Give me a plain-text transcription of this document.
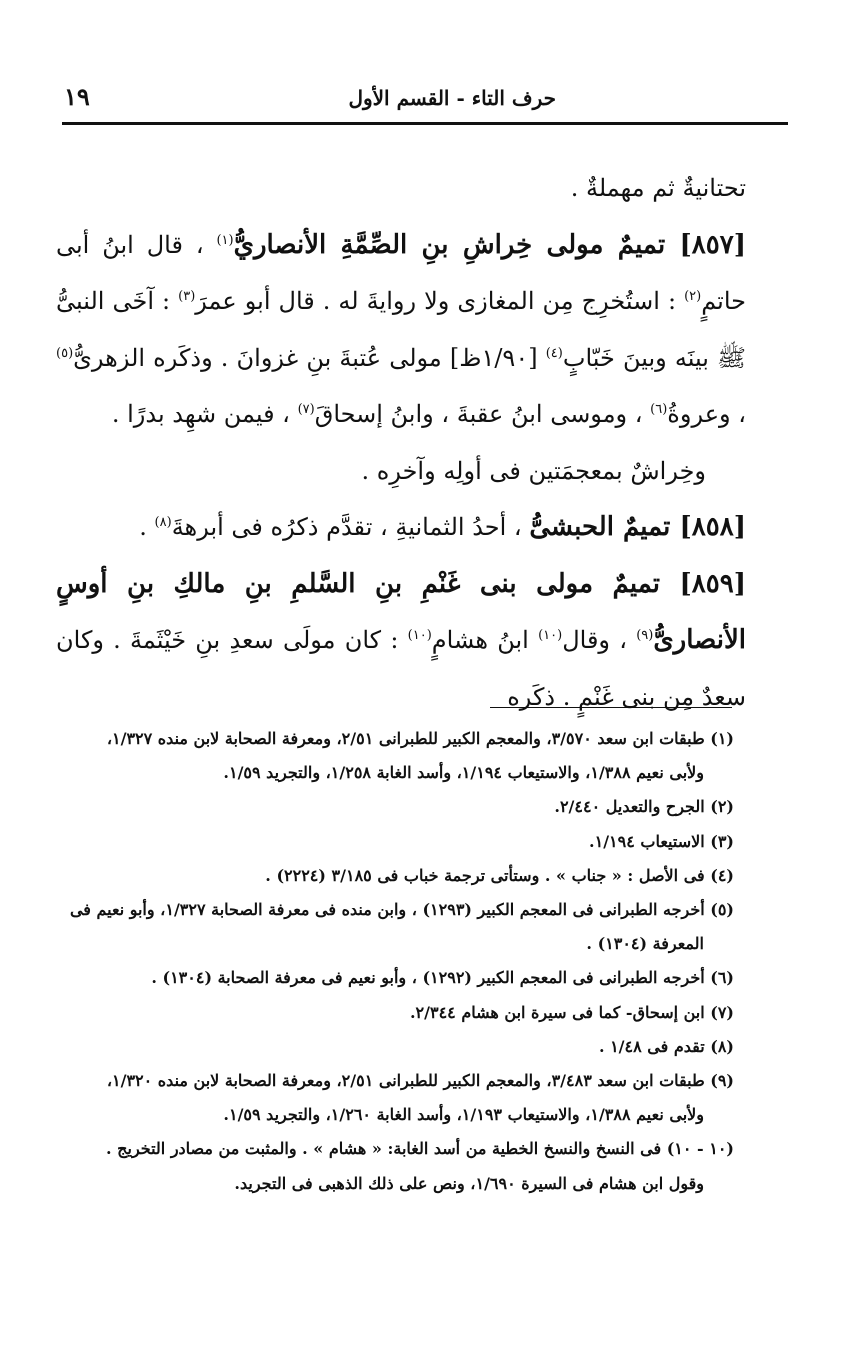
حرف التاء - القسم الأول
١٩

تحتانيةٌ ثم مهملةٌ .

[٨٥٧] تميمٌ مولى خِراشِ بنِ الصِّمَّةِ الأنصاريُّ$^{(١)}$ ، قال ابنُ أبى حاتمٍ$^{(٢)}$ : استُخرِج مِن المغازى ولا روايةَ له . قال أبو عمرَ$^{(٣)}$ : آخَى النبىُّ ﷺ بينَه وبينَ خَبّابٍ$^{(٤)}$ [١/٩٠ظ] مولى عُتبةَ بنِ غزوانَ . وذكَره الزهرىُّ$^{(٥)}$ ، وعروةُ$^{(٦)}$ ، وموسى ابنُ عقبةَ ، وابنُ إسحاقَ$^{(٧)}$ ، فيمن شهِد بدرًا .

وخِراشٌ بمعجمَتين فى أولِه وآخرِه .

[٨٥٨] تميمٌ الحبشىُّ ، أحدُ الثمانيةِ ، تقدَّم ذكرُه فى أبرهةَ$^{(٨)}$ .

[٨٥٩] تميمٌ مولى بنى غَنْمِ بنِ السَّلمِ بنِ مالكِ بنِ أوسٍ الأنصارىُّ$^{(٩)}$ ، وقال$^{(١٠)}$ ابنُ هشامٍ$^{(١٠)}$ : كان مولَى سعدِ بنِ خَيْثَمةَ . وكان سعدٌ مِن بنى غَنْمٍ . ذكَره

(١) طبقات ابن سعد ٣/٥٧٠، والمعجم الكبير للطبرانى ٢/٥١، ومعرفة الصحابة لابن منده ١/٣٢٧،

ولأبى نعيم ١/٣٨٨، والاستيعاب ١/١٩٤، وأسد الغابة ١/٢٥٨، والتجريد ١/٥٩.

(٢) الجرح والتعديل ٢/٤٤٠.

(٣) الاستيعاب ١/١٩٤.

(٤) فى الأصل : « جناب » . وستأتى ترجمة خباب فى ٣/١٨٥ (٢٢٢٤) .

(٥) أخرجه الطبرانى فى المعجم الكبير (١٢٩٣) ، وابن منده فى معرفة الصحابة ١/٣٢٧، وأبو نعيم فى

المعرفة (١٣٠٤) .

(٦) أخرجه الطبرانى فى المعجم الكبير (١٢٩٢) ، وأبو نعيم فى معرفة الصحابة (١٣٠٤) .

(٧) ابن إسحاق- كما فى سيرة ابن هشام ٢/٣٤٤.

(٨) تقدم فى ١/٤٨ .

(٩) طبقات ابن سعد ٣/٤٨٣، والمعجم الكبير للطبرانى ٢/٥١، ومعرفة الصحابة لابن منده ١/٣٢٠،

ولأبى نعيم ١/٣٨٨، والاستيعاب ١/١٩٣، وأسد الغابة ١/٢٦٠، والتجريد ١/٥٩.

(١٠ - ١٠) فى النسخ والنسخ الخطية من أسد الغابة: « هشام » . والمثبت من مصادر التخريج .

وقول ابن هشام فى السيرة ١/٦٩٠، ونص على ذلك الذهبى فى التجريد.
